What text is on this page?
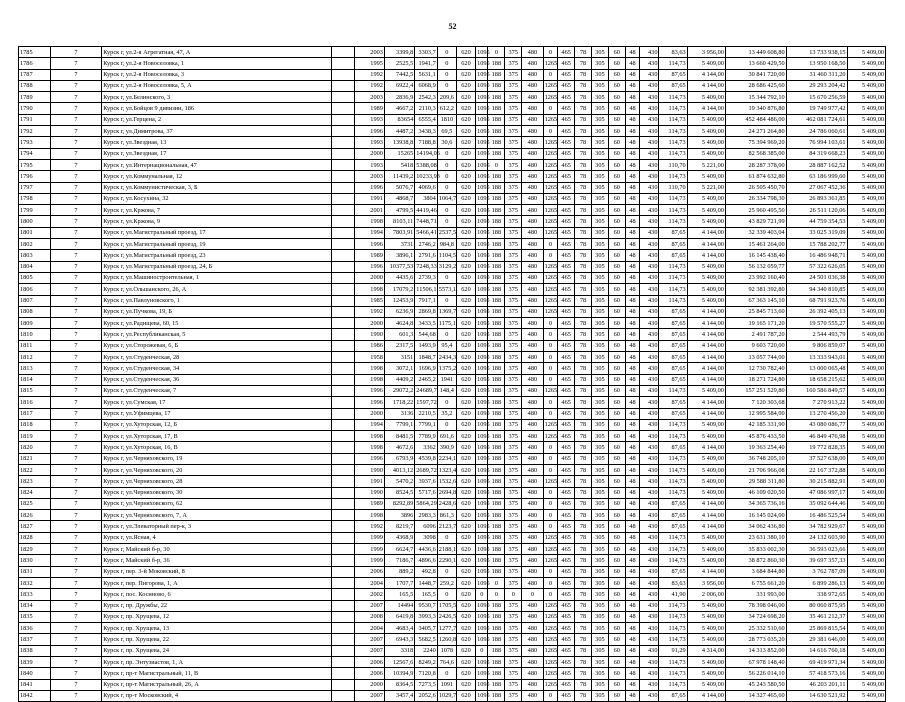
52
1785	7	Курск г, ул.2-я Агрегатная, 47, А		2003	3399,8	3303,7	0	620	1095	0	375	480	0	465	78	305	60	48	430	83,63	3 956,00	13 449 608,80	13 733 938,15	5 409,00
1786	7	Курск г, ул.2-я Новоселовка, 1		1995	2525,5	1941,7	0	620	1095	188	375	480	1265	465	78	305	60	48	430	114,73	5 409,00	13 660 429,50	13 950 168,50	5 409,00
1787	7	Курск г, ул.2-я Новоселовка, 3		1992	7442,5	5631,1	0	620	1095	188	375	480	0	465	78	305	60	48	430	87,65	4 144,00	30 841 720,00	31 460 311,20	5 409,00
1788	7	Курск г, ул.2-я Новоселовка, 5, А		1992	6922,4	6068,9	0	620	1095	188	375	480	1265	465	78	305	60	48	430	87,65	4 144,00	28 686 425,60	29 293 204,42	5 409,00
1789	7	Курск г, ул.Белинского, 3		2003	2836,9	2542,3	209,6	620	1095	188	375	480	1265	465	78	305	60	48	430	114,73	5 409,00	15 344 792,10	15 670 256,59	5 409,00
1790	7	Курск г, ул.Бойцов 9 дивизии, 186		1989	4667,2	2110,3	612,2	620	1095	188	375	480	0	465	78	305	60	48	430	114,73	4 144,00	19 340 876,80	19 749 977,42	5 409,00
1791	7	Курск г, ул.Герцена, 2		1993	83654	6555,4	1810	620	1095	188	375	480	1265	465	78	305	60	48	430	114,73	5 409,00	452 484 486,00	462 081 724,61	5 409,00
1792	7	Курск г, ул.Димитрова, 37		1996	4487,2	3438,3	69,5	620	1095	188	375	480	0	465	78	305	60	48	430	114,73	5 409,00	24 271 264,80	24 786 060,61	5 409,00
1793	7	Курск г, ул.Звездная, 13		1993	13938,8	7188,8	30,6	620	1095	188	375	480	1265	465	78	305	60	48	430	114,73	5 409,00	75 394 969,20	76 994 103,61	5 409,00
1794	7	Курск г, ул.Звездная, 17		2000	15265	14194,06	0	620	1095	188	375	480	1265	465	78	305	60	48	430	114,73	5 409,00	82 568 385,00	84 319 668,23	5 409,00
1795	7	Курск г, ул.Интернациональная, 47		1993	5418	5388,08	0	620	1095	0	375	480	1265	465	78	305	60	48	430	110,70	5 221,00	28 287 378,00	28 887 162,52	5 409,00
1796	7	Курск г, ул.Коммунальная, 12		2003	11439,2	10233,93	0	620	1095	188	375	480	1265	465	78	305	60	48	430	114,73	5 409,00	61 874 632,80	63 186 999,60	5 409,00
1797	7	Курск г, ул.Коммунистическая, 3, Б		1996	5076,7	4069,6	0	620	1095	188	375	480	1265	465	78	305	60	48	430	110,70	5 221,00	26 505 450,70	27 067 452,36	5 409,00
1798	7	Курск г, ул.Косухина, 32		1991	4868,7	3804	1064,7	620	1095	188	375	480	1265	465	78	305	60	48	430	114,73	5 409,00	26 334 798,30	26 893 361,85	5 409,00
1799	7	Курск г, ул.Кржова, 7		2001	4799,5	4419,46	0	620	1095	188	375	480	1265	465	78	305	60	48	430	114,73	5 409,00	25 960 495,50	26 511 120,06	5 409,00
1800	7	Курск г, ул.Кржова, 9		1998	8103,11	7448,71	0	620	1095	188	375	480	1265	465	78	305	60	48	430	114,73	5 409,00	43 829 721,99	44 759 354,53	5 409,00
1801	7	Курск г, ул.Магистральный проезд, 17		1994	7803,91	5466,41	2537,5	620	1095	188	375	480	1265	465	78	305	60	48	430	87,65	4 144,00	32 339 403,04	33 025 319,09	5 409,00
1802	7	Курск г, ул.Магистральный проезд, 19		1996	3731	2746,2	984,8	620	1095	188	375	480	0	465	78	305	60	48	430	87,65	4 144,00	15 461 264,00	15 788 202,77	5 409,00
1803	7	Курск г, ул.Магистральный проезд, 23		1989	3896,1	2791,6	1104,5	620	1095	188	375	480	0	465	78	305	60	48	430	87,65	4 144,00	16 145 438,40	16 486 948,71	5 409,00
1804	7	Курск г, ул.Магистральный проезд, 24, Б		1996	10377,53	7248,33	3129,2	620	1095	188	375	480	1265	465	78	305	60	48	430	114,73	5 409,00	56 132 059,77	57 322 626,05	5 409,00
1805	7	Курск г, ул.Машиностроительная, 1		2000	4435,6	2739,3	0	620	1095	188	375	480	1265	465	78	305	60	48	430	114,73	5 409,00	23 992 160,40	24 501 036,38	5 409,00
1806	7	Курск г, ул.Ольшанского, 26, А		1998	17079,2	11506,1	5573,1	620	1095	188	375	480	1265	465	78	305	60	48	430	114,73	5 409,00	92 381 392,80	94 340 810,85	5 409,00
1807	7	Курск г, ул.Павлуновского, 1		1985	12453,9	7917,1	0	620	1095	188	375	480	1265	465	78	305	60	48	430	114,73	5 409,00	67 363 145,10	68 791 923,76	5 409,00
1808	7	Курск г, ул.Пучкова, 19, Б		1992	6236,9	2869,8	1369,7	620	1095	188	375	480	1265	465	78	305	60	48	430	87,65	4 144,00	25 845 713,60	26 392 405,13	5 409,00
1809	7	Курск г, ул.Радищева, 60, 15		2000	4624,8	3433,5	1175,1	620	1095	188	375	480	0	465	78	305	60	48	430	87,65	4 144,00	19 165 171,20	19 570 555,27	5 409,00
1810	7	Курск г, ул.Республиканская, 5		1990	601,3	544,68	0	620	1095	188	375	480	0	465	78	305	60	48	430	87,65	4 144,00	2 491 787,20	2 544 493,79	5 409,00
1811	7	Курск г, ул.Сторожевая, 6, Б		1986	2317,5	1493,9	95,4	620	1095	188	375	480	0	465	78	305	60	48	430	87,65	4 144,00	9 603 720,00	9 806 859,07	5 409,00
1812	7	Курск г, ул.Студенческая, 28		1958	3151	1848,7	2434,3	620	1095	188	375	480	0	465	78	305	60	48	430	87,65	4 144,00	13 057 744,00	13 333 943,01	5 409,00
1813	7	Курск г, ул.Студенческая, 34		1998	3072,1	1696,9	1375,2	620	1095	188	375	480	0	465	78	305	60	48	430	87,65	4 144,00	12 730 782,40	13 000 065,48	5 409,00
1814	7	Курск г, ул.Студенческая, 36		1998	4409,2	2465,2	1941	620	1095	188	375	480	0	465	78	305	60	48	430	87,65	4 144,00	18 271 724,80	18 658 215,62	5 409,00
1815	7	Курск г, ул.Студенческая, 7		1996	29072,2	24689,7	148,4	620	1095	188	375	480	1265	465	78	305	60	48	430	114,73	5 409,00	157 251 529,80	160 586 849,57	5 409,00
1816	7	Курск г, ул.Сумская, 17		1996	1718,22	1597,72	0	620	1095	188	375	480	0	465	78	305	60	48	430	87,65	4 144,00	7 120 303,68	7 270 913,22	5 409,00
1817	7	Курск г, ул.Уфимцева, 17		2000	3136	2210,5	35,2	620	1095	188	375	480	0	465	78	305	60	48	430	87,65	4 144,00	12 995 584,00	13 270 456,20	5 409,00
1818	7	Курск г, ул.Хуторская, 12, Б		1994	7799,1	7799,1	0	620	1095	188	375	480	1265	465	78	305	60	48	430	114,73	5 409,00	42 185 331,90	43 080 086,77	5 409,00
1819	7	Курск г, ул.Хуторская, 17, В		1998	8481,5	7789,9	691,6	620	1095	188	375	480	1265	465	78	305	60	48	430	114,73	5 409,00	45 876 433,50	46 849 476,98	5 409,00
1820	7	Курск г, ул.Хуторская, 16, В		1998	4672,6	3362	390,9	620	1095	188	375	480	0	465	78	305	60	48	430	87,65	4 144,00	19 363 254,40	19 772 828,35	5 409,00
1821	7	Курск г, ул.Черняховского, 19		1996	6793,9	4539,8	2234,1	620	1095	188	375	480	0	465	78	305	60	48	430	114,73	5 409,00	36 748 205,10	37 527 638,00	5 409,00
1822	7	Курск г, ул.Черняховского, 20		1990	4013,12	2689,72	1323,4	620	1095	188	375	480	0	465	78	305	60	48	430	114,73	5 409,00	21 706 966,08	22 167 372,88	5 409,00
1823	7	Курск г, ул.Черняховского, 28		1991	5470,2	3937,6	1532,6	620	1095	188	375	480	1265	465	78	305	60	48	430	114,73	5 409,00	29 588 311,80	30 215 882,91	5 409,00
1824	7	Курск г, ул.Черняховского, 30		1990	8524,5	5717,6	2694,8	620	1095	188	375	480	0	465	78	305	60	48	430	114,73	5 409,00	46 109 020,50	47 086 997,17	5 409,00
1825	7	Курск г, ул.Черняховского, 62		1989	8292,89	5864,29	2428,6	620	1095	188	375	480	0	465	78	305	60	48	430	87,65	4 144,00	34 365 736,16	35 092 644,46	5 409,00
1826	7	Курск г, ул.Черняховского, 7, А		1998	3896	2983,3	861,3	620	1095	188	375	480	0	465	78	305	60	48	430	87,65	4 144,00	16 145 024,00	16 486 525,54	5 409,00
1827	7	Курск г, ул.Элеваторный пер-к, 3		1992	8219,7	6096	2123,7	620	1095	188	375	480	0	465	78	305	60	48	430	87,65	4 144,00	34 062 436,80	34 782 929,67	5 409,00
1828	7	Курск г, ул.Ясная, 4		1999	4368,9	3098	0	620	1095	188	375	480	1265	465	78	305	60	48	430	114,73	5 409,00	23 631 380,10	24 132 603,90	5 409,00
1829	7	Курск г, Майский б-р, 30		1999	6624,7	4436,6	2188,1	620	1095	188	375	480	1265	465	78	305	60	48	430	114,73	5 409,00	35 833 002,30	36 593 023,66	5 409,00
1830	7	Курск г, Майский б-р, 36		1999	7186,7	4896,6	2290,1	620	1095	188	375	480	1265	465	78	305	60	48	430	114,73	5 409,00	38 872 860,30	39 697 357,33	5 409,00
1831	7	Курск г, пер. 3-й Моковский, 8		2006	889,2	492,8	0	620	1095	188	375	480	0	465	78	305	60	48	430	87,65	4 144,00	3 684 844,80	3 762 787,09	5 409,00
1832	7	Курск г, пер. Пигорова, 1, А		2004	1707,7	1448,7	259,2	620	1095	0	375	480	0	465	78	305	60	48	430	83,63	3 956,00	6 755 661,20	6 899 286,13	5 409,00
1833	7	Курск г, пос. Косиново, 6		2002	165,5	165,5	0	620	0	0	0	0	0	465	78	305	60	48	430	41,90	2 006,00	331 993,00	338 972,65	5 409,00
1834	7	Курск г, пр. Дружбы, 22		2007	14494	9530,7	1705,5	620	1095	188	375	480	1265	465	78	305	60	48	430	114,73	5 409,00	78 398 046,00	80 060 875,95	5 409,00
1835	7	Курск г, пр. Хрущева, 12		2008	6419,8	3993,3	2426,5	620	1095	188	375	480	1265	465	78	305	60	48	430	114,73	5 409,00	34 724 698,20	35 461 212,37	5 409,00
1836	7	Курск г, пр. Хрущева, 13		2004	4683,4	3405,7	1277,7	620	1095	188	375	480	1265	465	78	305	60	48	430	114,73	5 409,00	25 332 510,60	25 869 815,54	5 409,00
1837	7	Курск г, пр. Хрущева, 22		2007	6943,3	5682,5	1260,8	620	1095	188	375	480	1265	465	78	305	60	48	430	114,73	5 409,00	28 773 035,20	29 381 646,00	5 409,00
1838	7	Курск г, пр. Хрущева, 24		2007	3318	2240	1078	620	0	188	375	480	1265	465	78	305	60	48	430	91,29	4 314,00	14 313 852,00	14 616 760,18	5 409,00
1839	7	Курск г, пр. Энтузиастов, 1, А		2006	12567,6	8249,2	764,6	620	1095	188	375	480	1265	465	78	305	60	48	430	114,73	5 409,00	67 978 148,40	69 419 971,34	5 409,00
1840	7	Курск г, пр-т Магистральный, 11, В		2006	10394,9	7120,8	0	620	1095	188	375	480	1265	465	78	305	60	48	430	114,73	5 409,00	56 226 014,10	57 418 573,16	5 409,00
1841	7	Курск г, пр-т Магистральный, 26, А		2000	8364,5	7273,5	1091	620	1095	188	375	480	1265	465	78	305	60	48	430	114,73	5 409,00	45 243 580,50	46 203 201,11	5 409,00
1842	7	Курск г, пр-т Московский, 4		2007	3457,4	2052,6	1029,7	620	1095	188	375	480	0	465	78	305	60	48	430	87,65	4 144,00	14 327 465,60	14 630 521,92	5 409,00
